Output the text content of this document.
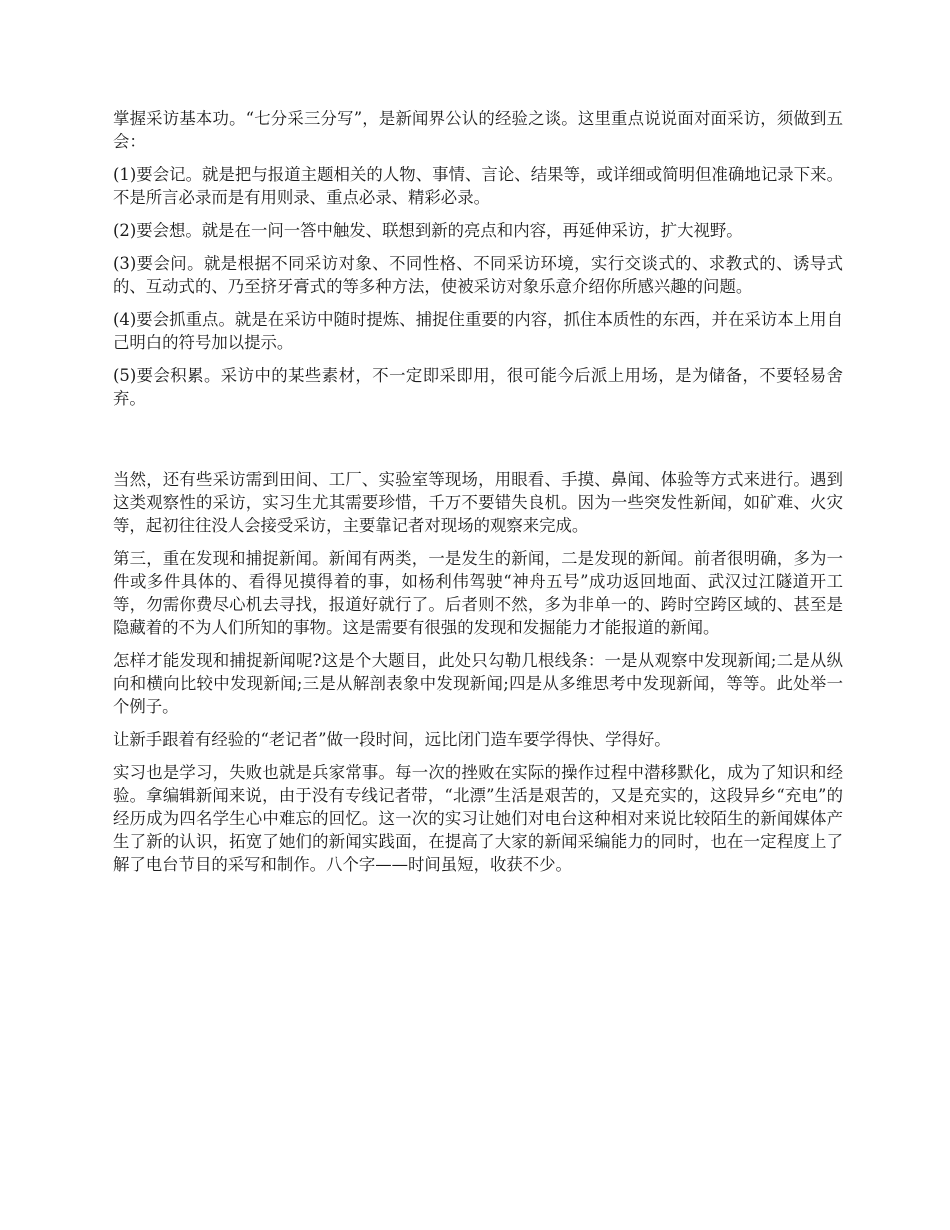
掌握采访基本功。“七分采三分写”，是新闻界公认的经验之谈。这里重点说说面对面采访，须做到五会：

(1)要会记。就是把与报道主题相关的人物、事情、言论、结果等，或详细或简明但准确地记录下来。不是所言必录而是有用则录、重点必录、精彩必录。

(2)要会想。就是在一问一答中触发、联想到新的亮点和内容，再延伸采访，扩大视野。

(3)要会问。就是根据不同采访对象、不同性格、不同采访环境，实行交谈式的、求教式的、诱导式的、互动式的、乃至挤牙膏式的等多种方法，使被采访对象乐意介绍你所感兴趣的问题。

(4)要会抓重点。就是在采访中随时提炼、捕捉住重要的内容，抓住本质性的东西，并在采访本上用自己明白的符号加以提示。

(5)要会积累。采访中的某些素材，不一定即采即用，很可能今后派上用场，是为储备，不要轻易舍弃。

当然，还有些采访需到田间、工厂、实验室等现场，用眼看、手摸、鼻闻、体验等方式来进行。遇到这类观察性的采访，实习生尤其需要珍惜，千万不要错失良机。因为一些突发性新闻，如矿难、火灾等，起初往往没人会接受采访，主要靠记者对现场的观察来完成。

第三，重在发现和捕捉新闻。新闻有两类，一是发生的新闻，二是发现的新闻。前者很明确，多为一件或多件具体的、看得见摸得着的事，如杨利伟驾驶“神舟五号”成功返回地面、武汉过江隧道开工等，勿需你费尽心机去寻找，报道好就行了。后者则不然，多为非单一的、跨时空跨区域的、甚至是隐藏着的不为人们所知的事物。这是需要有很强的发现和发掘能力才能报道的新闻。

怎样才能发现和捕捉新闻呢?这是个大题目，此处只勾勒几根线条：一是从观察中发现新闻;二是从纵向和横向比较中发现新闻;三是从解剖表象中发现新闻;四是从多维思考中发现新闻，等等。此处举一个例子。

让新手跟着有经验的“老记者”做一段时间，远比闭门造车要学得快、学得好。

实习也是学习，失败也就是兵家常事。每一次的挫败在实际的操作过程中潜移默化，成为了知识和经验。拿编辑新闻来说，由于没有专线记者带，“北漂”生活是艰苦的，又是充实的，这段异乡“充电”的经历成为四名学生心中难忘的回忆。这一次的实习让她们对电台这种相对来说比较陌生的新闻媒体产生了新的认识，拓宽了她们的新闻实践面，在提高了大家的新闻采编能力的同时，也在一定程度上了解了电台节目的采写和制作。八个字——时间虽短，收获不少。
